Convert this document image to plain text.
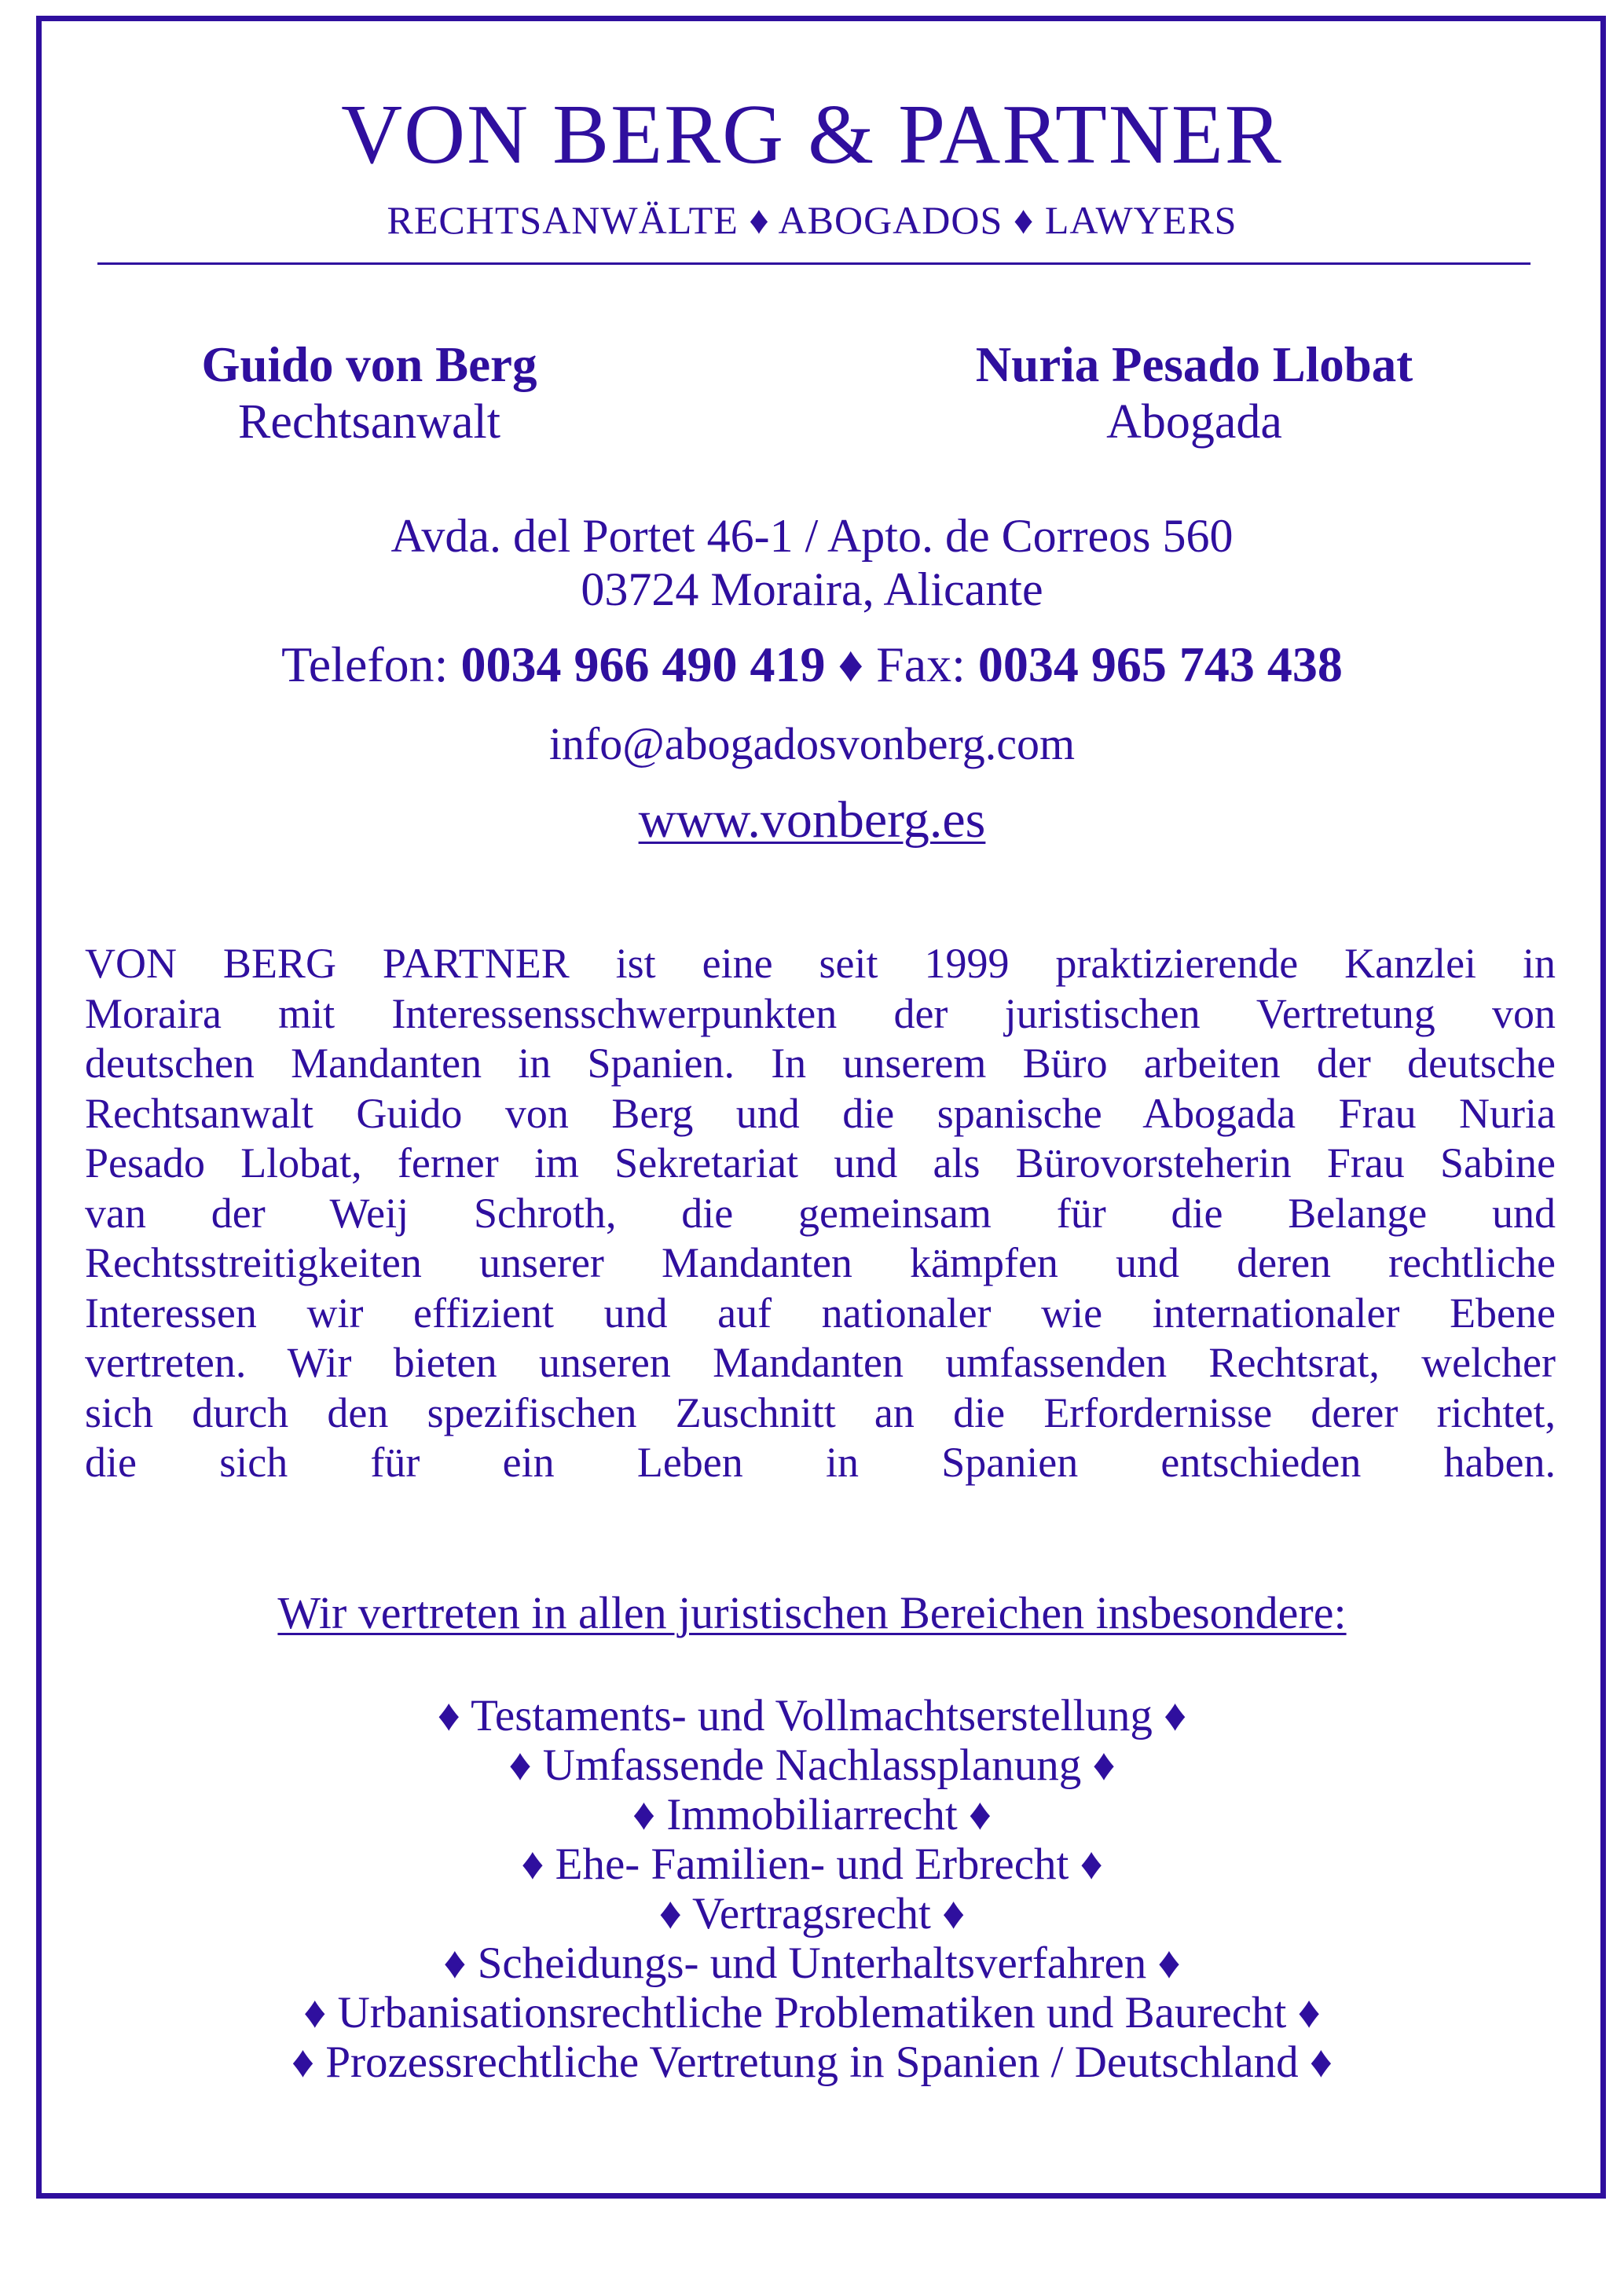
VON BERG & PARTNER
RECHTSANWÄLTE ♦ ABOGADOS ♦ LAWYERS
Guido von Berg
Rechtsanwalt
Nuria Pesado Llobat
Abogada
Avda. del Portet 46-1 / Apto. de Correos 560
03724 Moraira, Alicante
Telefon: 0034 966 490 419 ♦ Fax: 0034 965 743 438
info@abogadosvonberg.com
www.vonberg.es
VON BERG PARTNER ist eine seit 1999 praktizierende Kanzlei in
Moraira mit Interessensschwerpunkten der juristischen Vertretung von
deutschen Mandanten in Spanien. In unserem Büro arbeiten der deutsche
Rechtsanwalt Guido von Berg und die spanische Abogada Frau Nuria
Pesado Llobat, ferner im Sekretariat und als Bürovorsteherin Frau Sabine
van der Weij Schroth, die gemeinsam für die Belange und
Rechtsstreitigkeiten unserer Mandanten kämpfen und deren rechtliche
Interessen wir effizient und auf nationaler wie internationaler Ebene
vertreten. Wir bieten unseren Mandanten umfassenden Rechtsrat, welcher
sich durch den spezifischen Zuschnitt an die Erfordernisse derer richtet,
die sich für ein Leben in Spanien entschieden haben.
Wir vertreten in allen juristischen Bereichen insbesondere:
♦ Testaments- und Vollmachtserstellung ♦
♦ Umfassende Nachlassplanung ♦
♦ Immobiliarrecht ♦
♦ Ehe- Familien- und Erbrecht ♦
♦ Vertragsrecht ♦
♦ Scheidungs- und Unterhaltsverfahren ♦
♦ Urbanisationsrechtliche Problematiken und Baurecht ♦
♦ Prozessrechtliche Vertretung in Spanien / Deutschland ♦
